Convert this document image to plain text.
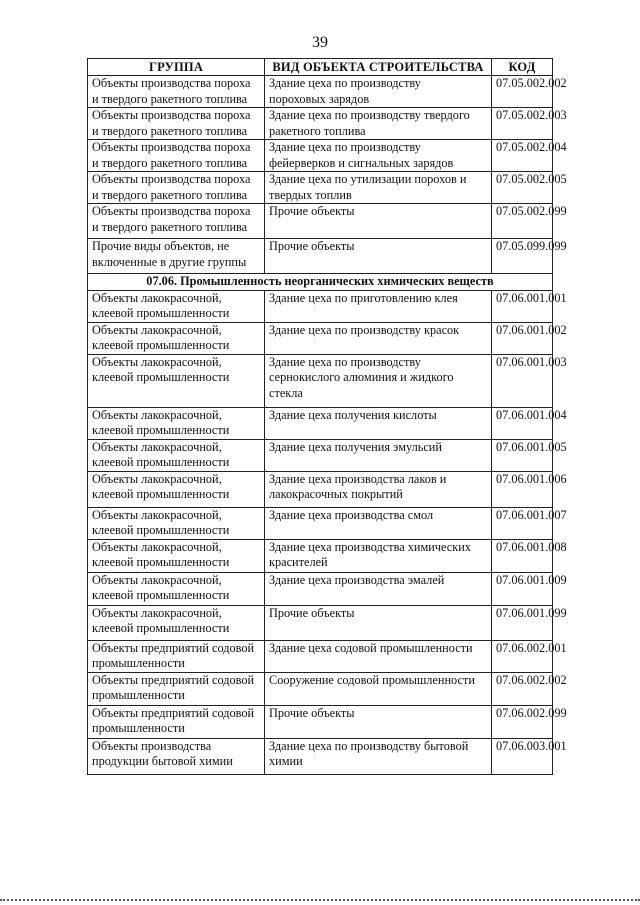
39
ГРУППА	ВИД ОБЪЕКТА СТРОИТЕЛЬСТВА	КОД

Объекты производства пороха
и твердого ракетного топлива	Здание цеха по производству
пороховых зарядов	07.05.002.002

Объекты производства пороха
и твердого ракетного топлива	Здание цеха по производству твердого
ракетного топлива	07.05.002.003

Объекты производства пороха
и твердого ракетного топлива	Здание цеха по производству
фейерверков и сигнальных зарядов	07.05.002.004

Объекты производства пороха
и твердого ракетного топлива	Здание цеха по утилизации порохов и
твердых топлив	07.05.002.005

Объекты производства пороха
и твердого ракетного топлива	Прочие объекты	07.05.002.099

Прочие виды объектов, не
включенные в другие группы	Прочие объекты	07.05.099.099
07.06. Промышленность неорганических химических веществ		

Объекты лакокрасочной,
клеевой промышленности	Здание цеха по приготовлению клея	07.06.001.001

Объекты лакокрасочной,
клеевой промышленности	Здание цеха по производству красок	07.06.001.002

Объекты лакокрасочной,
клеевой промышленности	Здание цеха по производству
сернокислого алюминия и жидкого
стекла	07.06.001.003

Объекты лакокрасочной,
клеевой промышленности	Здание цеха получения кислоты	07.06.001.004

Объекты лакокрасочной,
клеевой промышленности	Здание цеха получения эмульсий	07.06.001.005

Объекты лакокрасочной,
клеевой промышленности	Здание цеха производства лаков и
лакокрасочных покрытий	07.06.001.006

Объекты лакокрасочной,
клеевой промышленности	Здание цеха производства смол	07.06.001.007

Объекты лакокрасочной,
клеевой промышленности	Здание цеха производства химических
красителей	07.06.001.008

Объекты лакокрасочной,
клеевой промышленности	Здание цеха производства эмалей	07.06.001.009

Объекты лакокрасочной,
клеевой промышленности	Прочие объекты	07.06.001.099

Объекты предприятий содовой
промышленности	Здание цеха содовой промышленности	07.06.002.001

Объекты предприятий содовой
промышленности	Сооружение содовой промышленности	07.06.002.002

Объекты предприятий содовой
промышленности	Прочие объекты	07.06.002.099

Объекты производства
продукции бытовой химии	Здание цеха по производству бытовой
химии	07.06.003.001
